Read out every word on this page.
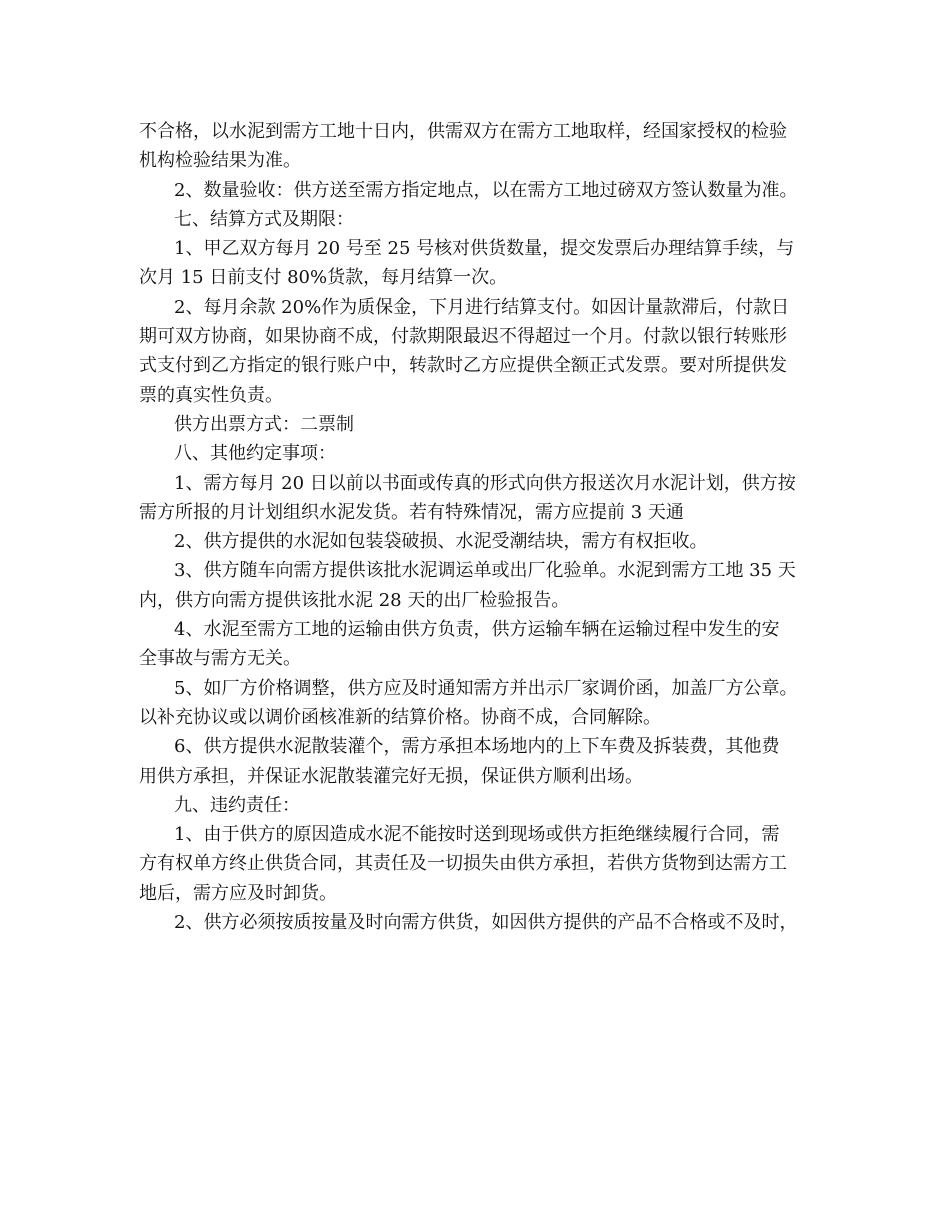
不合格，以水泥到需方工地十日内，供需双方在需方工地取样，经国家授权的检验
机构检验结果为准。
2、数量验收：供方送至需方指定地点，以在需方工地过磅双方签认数量为准。
七、结算方式及期限：
1、甲乙双方每月 20 号至 25 号核对供货数量，提交发票后办理结算手续，与
次月 15 日前支付 80%货款，每月结算一次。
2、每月余款 20%作为质保金，下月进行结算支付。如因计量款滞后，付款日
期可双方协商，如果协商不成，付款期限最迟不得超过一个月。付款以银行转账形
式支付到乙方指定的银行账户中，转款时乙方应提供全额正式发票。要对所提供发
票的真实性负责。
供方出票方式：二票制
八、其他约定事项：
1、需方每月 20 日以前以书面或传真的形式向供方报送次月水泥计划，供方按
需方所报的月计划组织水泥发货。若有特殊情况，需方应提前 3 天通
2、供方提供的水泥如包装袋破损、水泥受潮结块，需方有权拒收。
3、供方随车向需方提供该批水泥调运单或出厂化验单。水泥到需方工地 35 天
内，供方向需方提供该批水泥 28 天的出厂检验报告。
4、水泥至需方工地的运输由供方负责，供方运输车辆在运输过程中发生的安
全事故与需方无关。
5、如厂方价格调整，供方应及时通知需方并出示厂家调价函，加盖厂方公章。
以补充协议或以调价函核准新的结算价格。协商不成，合同解除。
6、供方提供水泥散装灌个，需方承担本场地内的上下车费及拆装费，其他费
用供方承担，并保证水泥散装灌完好无损，保证供方顺利出场。
九、违约责任：
1、由于供方的原因造成水泥不能按时送到现场或供方拒绝继续履行合同，需
方有权单方终止供货合同，其责任及一切损失由供方承担，若供方货物到达需方工
地后，需方应及时卸货。
2、供方必须按质按量及时向需方供货，如因供方提供的产品不合格或不及时，
